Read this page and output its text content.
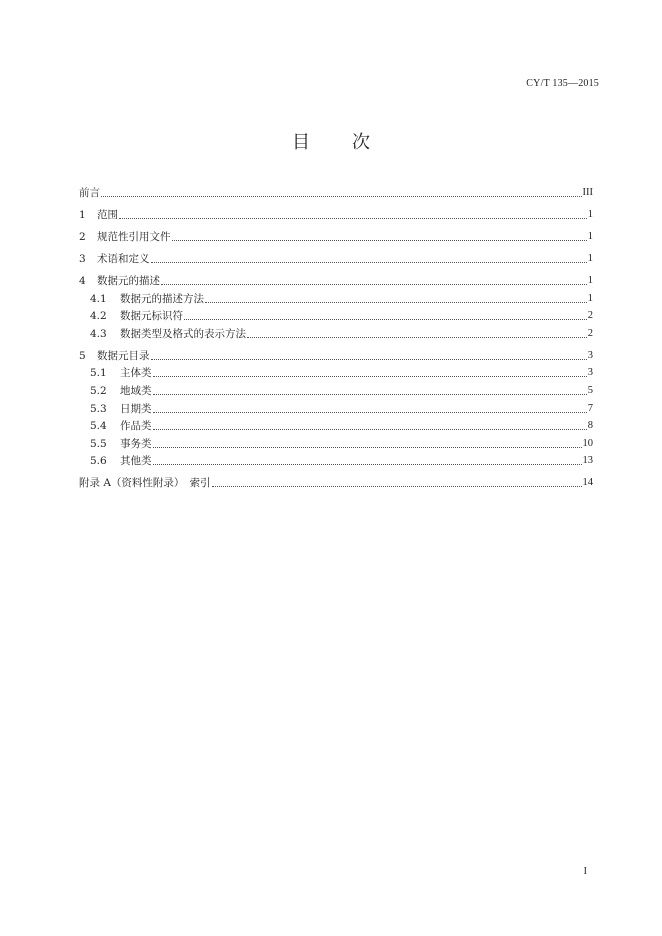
CY/T 135—2015
目 次
前言	III
1	范围	1
2	规范性引用文件	1
3	术语和定义	1
4	数据元的描述	1
4.1	数据元的描述方法	1
4.2	数据元标识符	2
4.3	数据类型及格式的表示方法	2
5	数据元目录	3
5.1	主体类	3
5.2	地域类	5
5.3	日期类	7
5.4	作品类	8
5.5	事务类	10
5.6	其他类	13
附录 A（资料性附录）　索引	14
I
